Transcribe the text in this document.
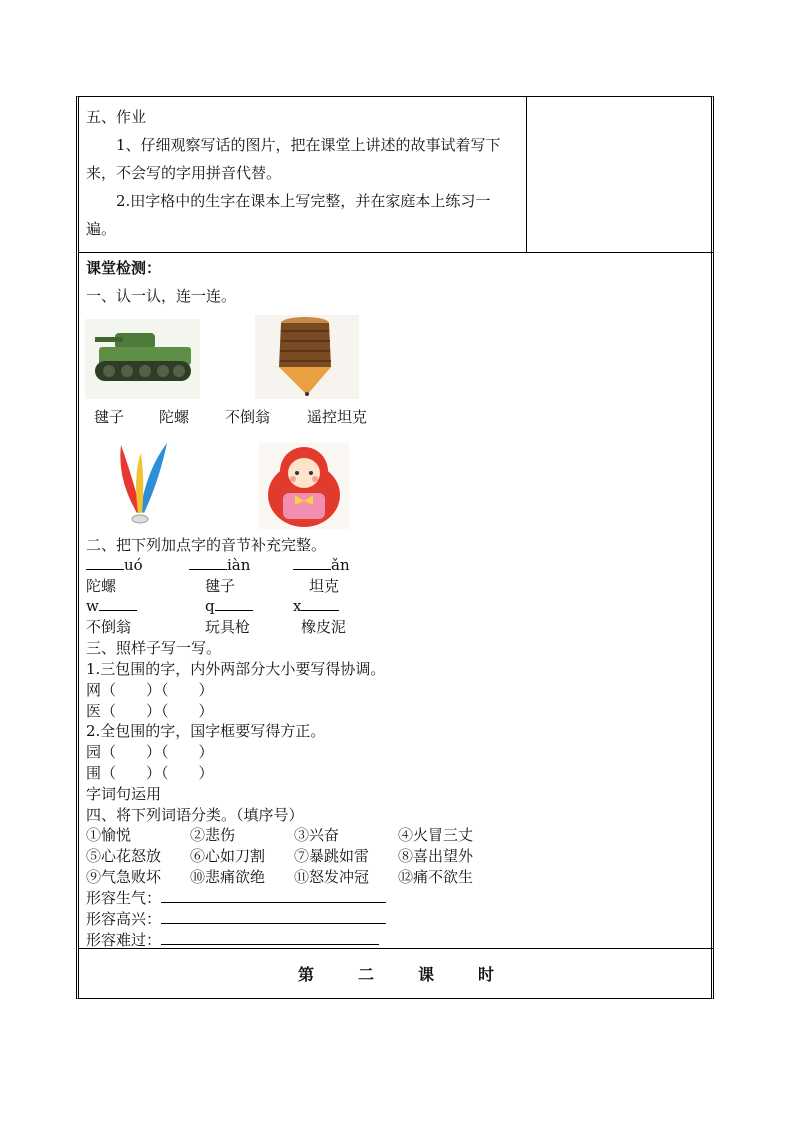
五、作业

1、仔细观察写话的图片，把在课堂上讲述的故事试着写下

来，不会写的字用拼音代替。

2.田字格中的生字在课本上写完整，并在家庭本上练习一

遍。

课堂检测：
一、认一认，连一连。
毽子 陀螺 不倒翁 遥控坦克
二、把下列加点字的音节补充完整。
uó	iàn	ǎn
陀螺	毽子	坦克
w	q	x
不倒翁	玩具枪	橡皮泥
三、照样子写一写。
1.三包围的字，内外两部分大小要写得协调。
网（　　）（　　）
医（　　）（　　）
2.全包围的字，国字框要写得方正。
园（　　）（　　）
围（　　）（　　）
字词句运用
四、将下列词语分类。（填序号）
①愉悦	②悲伤	③兴奋	④火冒三丈
⑤心花怒放 ⑥心如刀割 ⑦暴跳如雷 ⑧喜出望外
⑨气急败坏 ⑩悲痛欲绝 ⑪怒发冲冠 ⑫痛不欲生
形容生气：
形容高兴：
形容难过：
第	二	课	时
